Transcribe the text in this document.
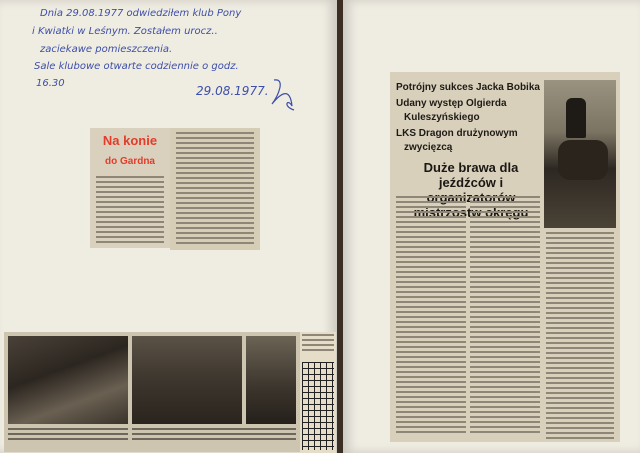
Dnia 29.08.1977 odwiedziłem klub Pony
i Kwiatki w Leśnym. Zostałem urocz..
zaciekawe pomieszczenia.
Sale klubowe otwarte codziennie o godz.
16.30
29.08.1977.
Na konie
do Gardna
Potrójny sukces Jacka Bobika
Udany występ Olgierda
Kuleszyńskiego
LKS Dragon drużynowym
zwycięzcą
Duże brawa dla jeźdźców i
